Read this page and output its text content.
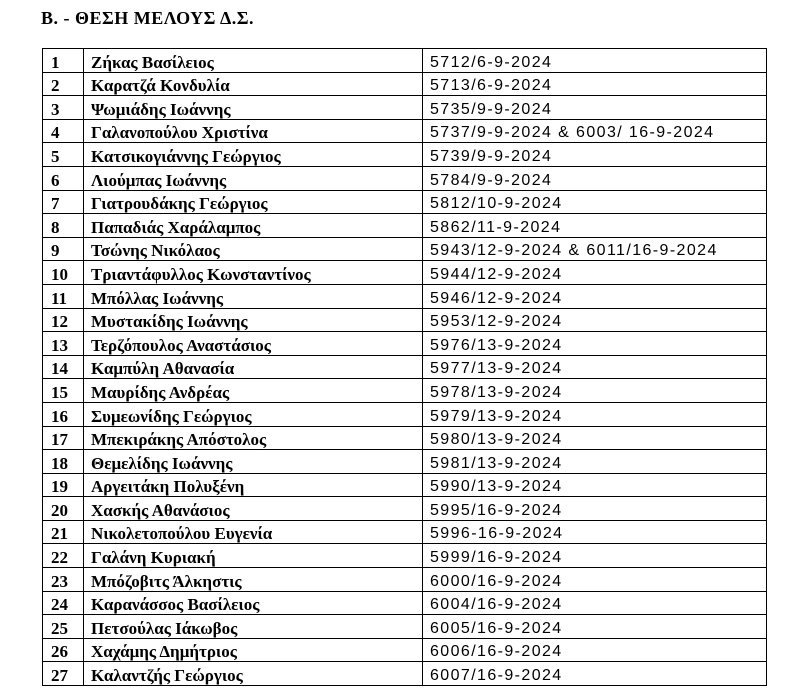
Β. - ΘΕΣΗ ΜΕΛΟΥΣ Δ.Σ.
1	Ζήκας Βασίλειος	5712/6-9-2024
2	Καρατζά Κονδυλία	5713/6-9-2024
3	Ψωμιάδης Ιωάννης	5735/9-9-2024
4	Γαλανοπούλου Χριστίνα	5737/9-9-2024 & 6003/ 16-9-2024
5	Κατσικογιάννης Γεώργιος	5739/9-9-2024
6	Λιούμπας Ιωάννης	5784/9-9-2024
7	Γιατρουδάκης Γεώργιος	5812/10-9-2024
8	Παπαδιάς Χαράλαμπος	5862/11-9-2024
9	Τσώνης Νικόλαος	5943/12-9-2024 & 6011/16-9-2024
10	Τριαντάφυλλος Κωνσταντίνος	5944/12-9-2024
11	Μπόλλας Ιωάννης	5946/12-9-2024
12	Μυστακίδης Ιωάννης	5953/12-9-2024
13	Τερζόπουλος Αναστάσιος	5976/13-9-2024
14	Καμπύλη Αθανασία	5977/13-9-2024
15	Μαυρίδης Ανδρέας	5978/13-9-2024
16	Συμεωνίδης Γεώργιος	5979/13-9-2024
17	Μπεκιράκης Απόστολος	5980/13-9-2024
18	Θεμελίδης Ιωάννης	5981/13-9-2024
19	Αργειτάκη Πολυξένη	5990/13-9-2024
20	Χασκής Αθανάσιος	5995/16-9-2024
21	Νικολετοπούλου Ευγενία	5996-16-9-2024
22	Γαλάνη Κυριακή	5999/16-9-2024
23	Μπόζοβιτς Άλκηστις	6000/16-9-2024
24	Καρανάσσος Βασίλειος	6004/16-9-2024
25	Πετσούλας Ιάκωβος	6005/16-9-2024
26	Χαχάμης Δημήτριος	6006/16-9-2024
27	Καλαντζής Γεώργιος	6007/16-9-2024
